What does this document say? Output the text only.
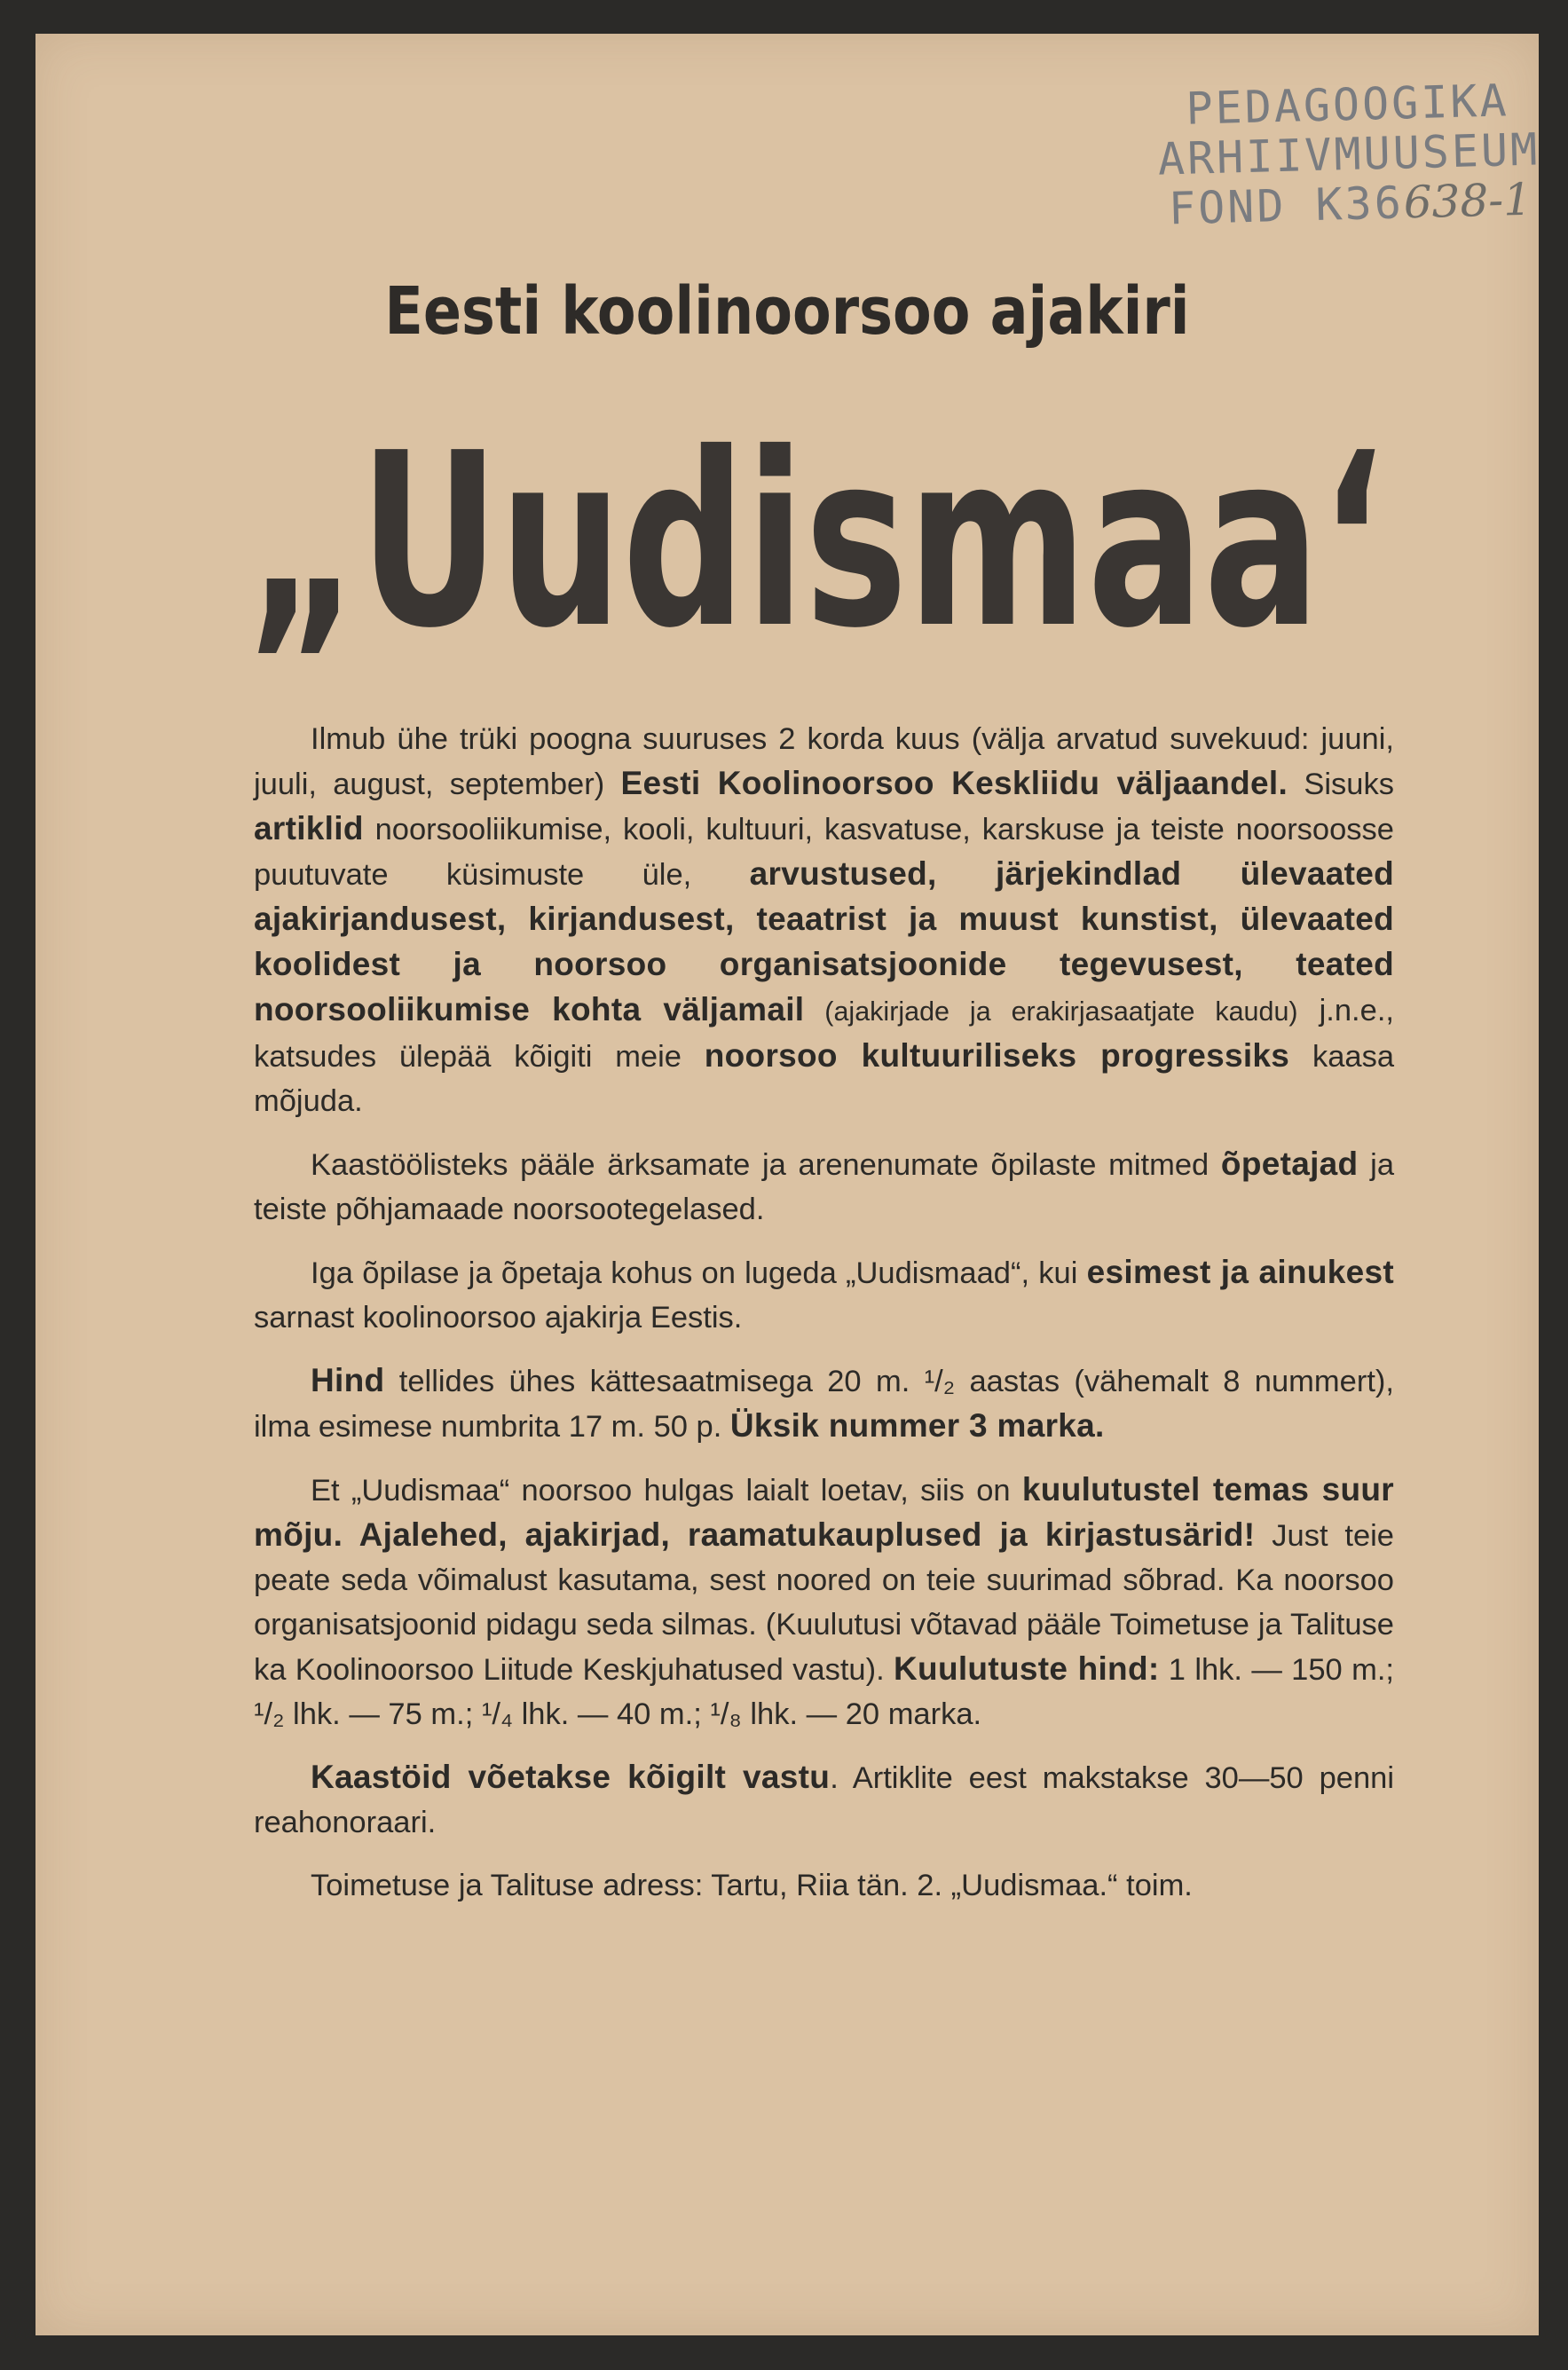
PEDAGOOGIKA
ARHIIVMUUSEUM
FOND K36638-1
Eesti koolinoorsoo ajakiri
„Uudismaa‘

Ilmub ühe trüki poogna suuruses 2 korda kuus (välja arvatud suvekuud: juuni, juuli, august, september) Eesti Koolinoorsoo Keskliidu väljaandel. Sisuks artiklid noorsooliikumise, kooli, kultuuri, kasvatuse, karskuse ja teiste noorsoosse puutuvate küsimuste üle, arvustused, järjekindlad ülevaated ajakirjandusest, kirjandusest, teaatrist ja muust kunstist, ülevaated koolidest ja noorsoo organisatsjoonide tegevusest, teated noorsooliikumise kohta väljamail (ajakirjade ja erakirjasaatjate kaudu) j.n.e., katsudes ülepää kõigiti meie noorsoo kultuuriliseks progressiks kaasa mõjuda.

Kaastöölisteks pääle ärksamate ja arenenumate õpilaste mitmed õpetajad ja teiste põhjamaade noorsootegelased.

Iga õpilase ja õpetaja kohus on lugeda „Uudismaad“, kui esimest ja ainukest sarnast koolinoorsoo ajakirja Eestis.

Hind tellides ühes kättesaatmisega 20 m. ¹/₂ aastas (vähemalt 8 nummert), ilma esimese numbrita 17 m. 50 p. Üksik nummer 3 marka.

Et „Uudismaa“ noorsoo hulgas laialt loetav, siis on kuulutustel temas suur mõju. Ajalehed, ajakirjad, raamatukauplused ja kirjastusärid! Just teie peate seda võimalust kasutama, sest noored on teie suurimad sõbrad. Ka noorsoo organisatsjoonid pidagu seda silmas. (Kuulutusi võtavad pääle Toimetuse ja Talituse ka Koolinoorsoo Liitude Keskjuhatused vastu). Kuulutuste hind: 1 lhk. — 150 m.; ¹/₂ lhk. — 75 m.; ¹/₄ lhk. — 40 m.; ¹/₈ lhk. — 20 marka.

Kaastöid võetakse kõigilt vastu. Artiklite eest makstakse 30—50 penni reahonoraari.

Toimetuse ja Talituse adress: Tartu, Riia tän. 2. „Uudismaa.“ toim.
